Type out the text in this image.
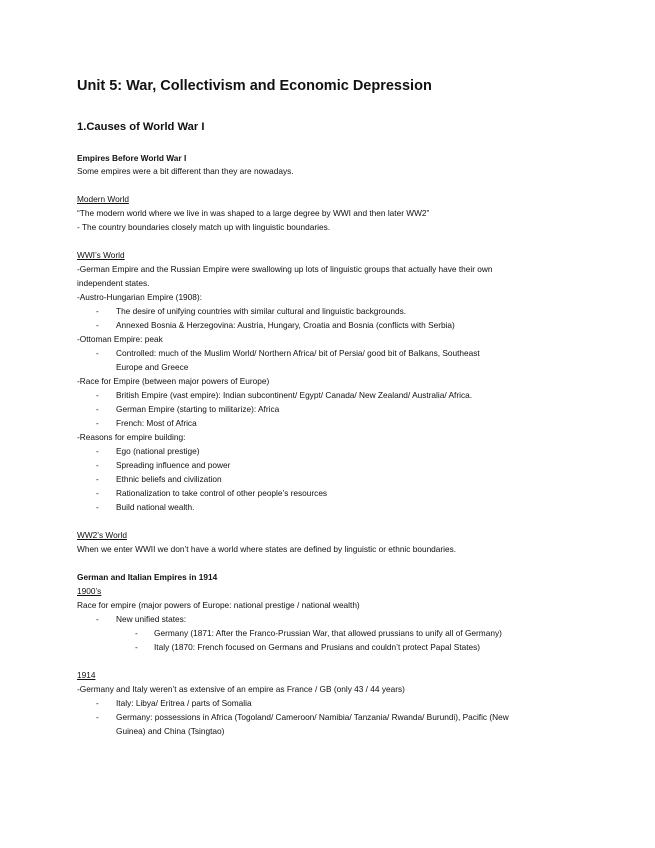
Unit 5: War, Collectivism and Economic Depression
1.Causes of World War I
Empires Before World War I
Some empires were a bit different than they are nowadays.
Modern World
“The modern world where we live in was shaped to a large degree by WWI and then later WW2”
- The country boundaries closely match up with linguistic boundaries.
WWI’s World
-German Empire and the Russian Empire were swallowing up lots of linguistic groups that actually have their own
independent states.
-Austro-Hungarian Empire (1908):
- The desire of unifying countries with similar cultural and linguistic backgrounds.
- Annexed Bosnia & Herzegovina: Austria, Hungary, Croatia and Bosnia (conflicts with Serbia)
-Ottoman Empire: peak
- Controlled: much of the Muslim World/ Northern Africa/ bit of Persia/ good bit of Balkans, Southeast
Europe and Greece
-Race for Empire (between major powers of Europe)
- British Empire (vast empire): Indian subcontinent/ Egypt/ Canada/ New Zealand/ Australia/ Africa.
- German Empire (starting to militarize): Africa
- French: Most of Africa
-Reasons for empire building:
- Ego (national prestige)
- Spreading influence and power
- Ethnic beliefs and civilization
- Rationalization to take control of other people’s resources
- Build national wealth.
WW2’s World
When we enter WWII we don’t have a world where states are defined by linguistic or ethnic boundaries.
German and Italian Empires in 1914
1900’s
Race for empire (major powers of Europe: national prestige / national wealth)
- New unified states:
- Germany (1871: After the Franco-Prussian War, that allowed prussians to unify all of Germany)
- Italy (1870: French focused on Germans and Prusians and couldn’t protect Papal States)
1914
-Germany and Italy weren’t as extensive of an empire as France / GB (only 43 / 44 years)
- Italy: Libya/ Eritrea / parts of Somalia
- Germany: possessions in Africa (Togoland/ Cameroon/ Namibia/ Tanzania/ Rwanda/ Burundi), Pacific (New
Guinea) and China (Tsingtao)
